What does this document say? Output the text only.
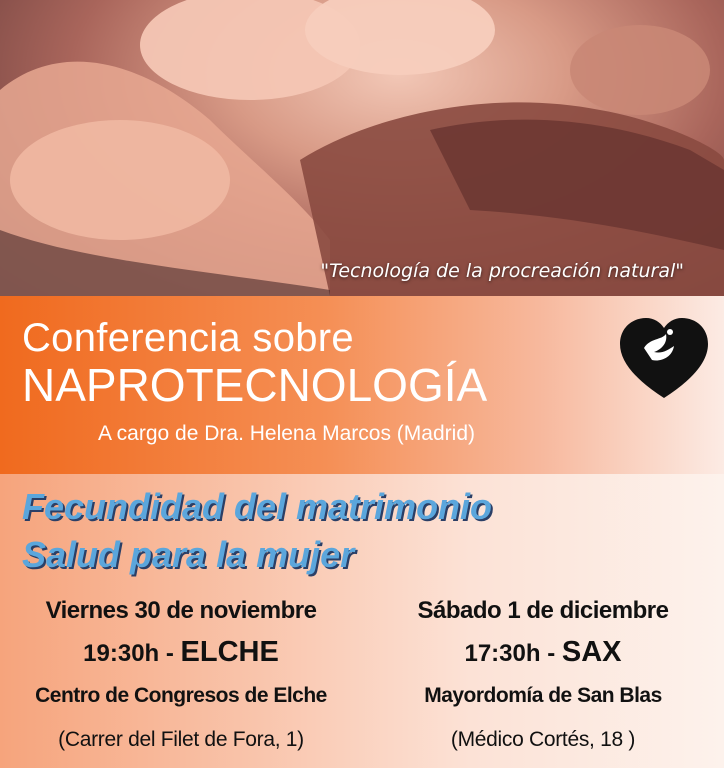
"Tecnología de la procreación natural"
Conferencia sobre
NAPROTECNOLOGÍA
A cargo de Dra. Helena Marcos (Madrid)
Fecundidad del matrimonio
Salud para la mujer

Viernes 30 de noviembre

19:30h - ELCHE

Centro de Congresos de Elche

(Carrer del Filet de Fora, 1)

Sábado 1 de diciembre

17:30h - SAX

Mayordomía de San Blas

(Médico Cortés, 18 )
